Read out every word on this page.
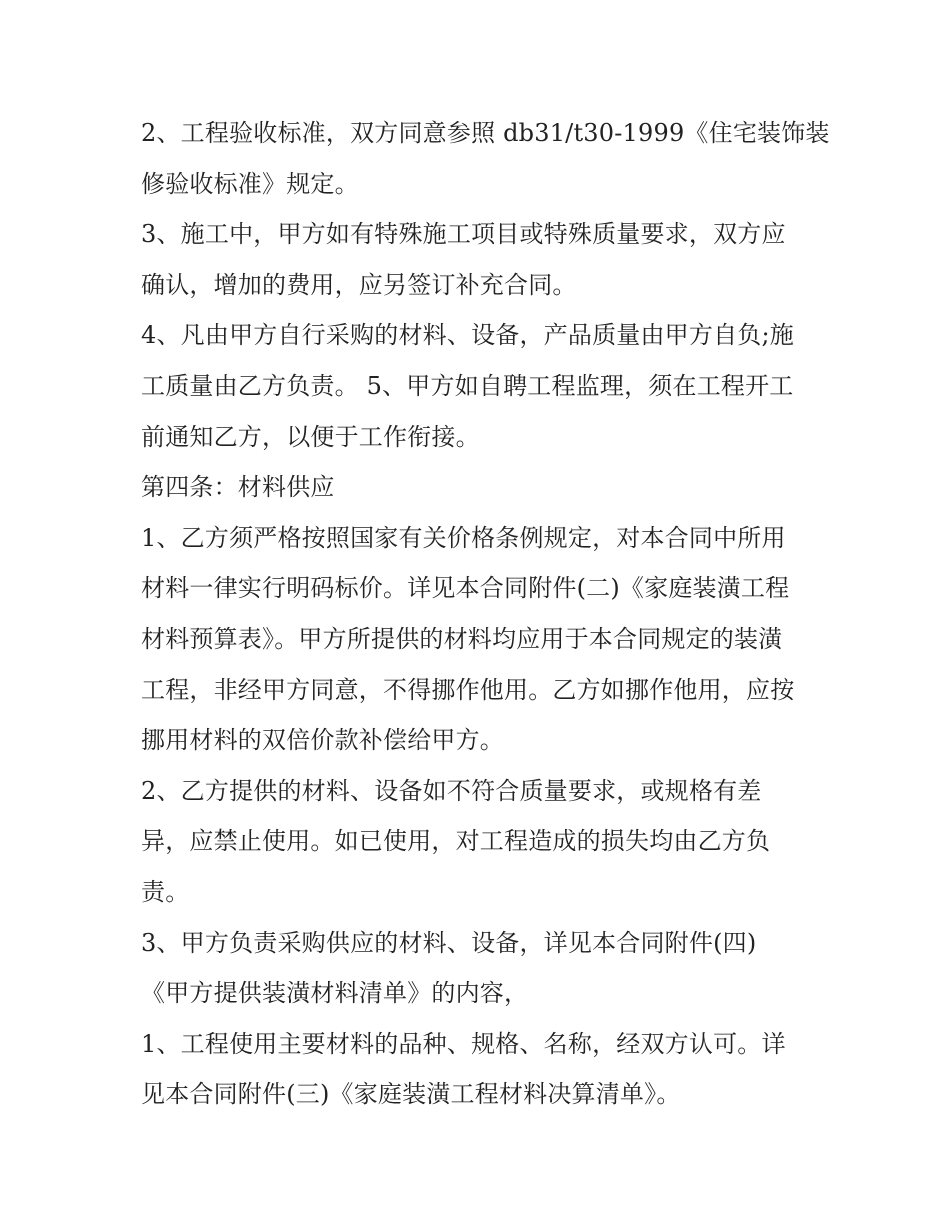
2、工程验收标准，双方同意参照 db31/t30-1999《住宅装饰装
修验收标准》规定。
3、施工中，甲方如有特殊施工项目或特殊质量要求，双方应
确认，增加的费用，应另签订补充合同。
4、凡由甲方自行采购的材料、设备，产品质量由甲方自负;施
工质量由乙方负责。 5、甲方如自聘工程监理，须在工程开工
前通知乙方，以便于工作衔接。
第四条：材料供应
1、乙方须严格按照国家有关价格条例规定，对本合同中所用
材料一律实行明码标价。详见本合同附件(二)《家庭装潢工程
材料预算表》。甲方所提供的材料均应用于本合同规定的装潢
工程，非经甲方同意，不得挪作他用。乙方如挪作他用，应按
挪用材料的双倍价款补偿给甲方。
2、乙方提供的材料、设备如不符合质量要求，或规格有差
异，应禁止使用。如已使用，对工程造成的损失均由乙方负
责。
3、甲方负责采购供应的材料、设备，详见本合同附件(四)
《甲方提供装潢材料清单》的内容，
1、工程使用主要材料的品种、规格、名称，经双方认可。详
见本合同附件(三)《家庭装潢工程材料决算清单》。
